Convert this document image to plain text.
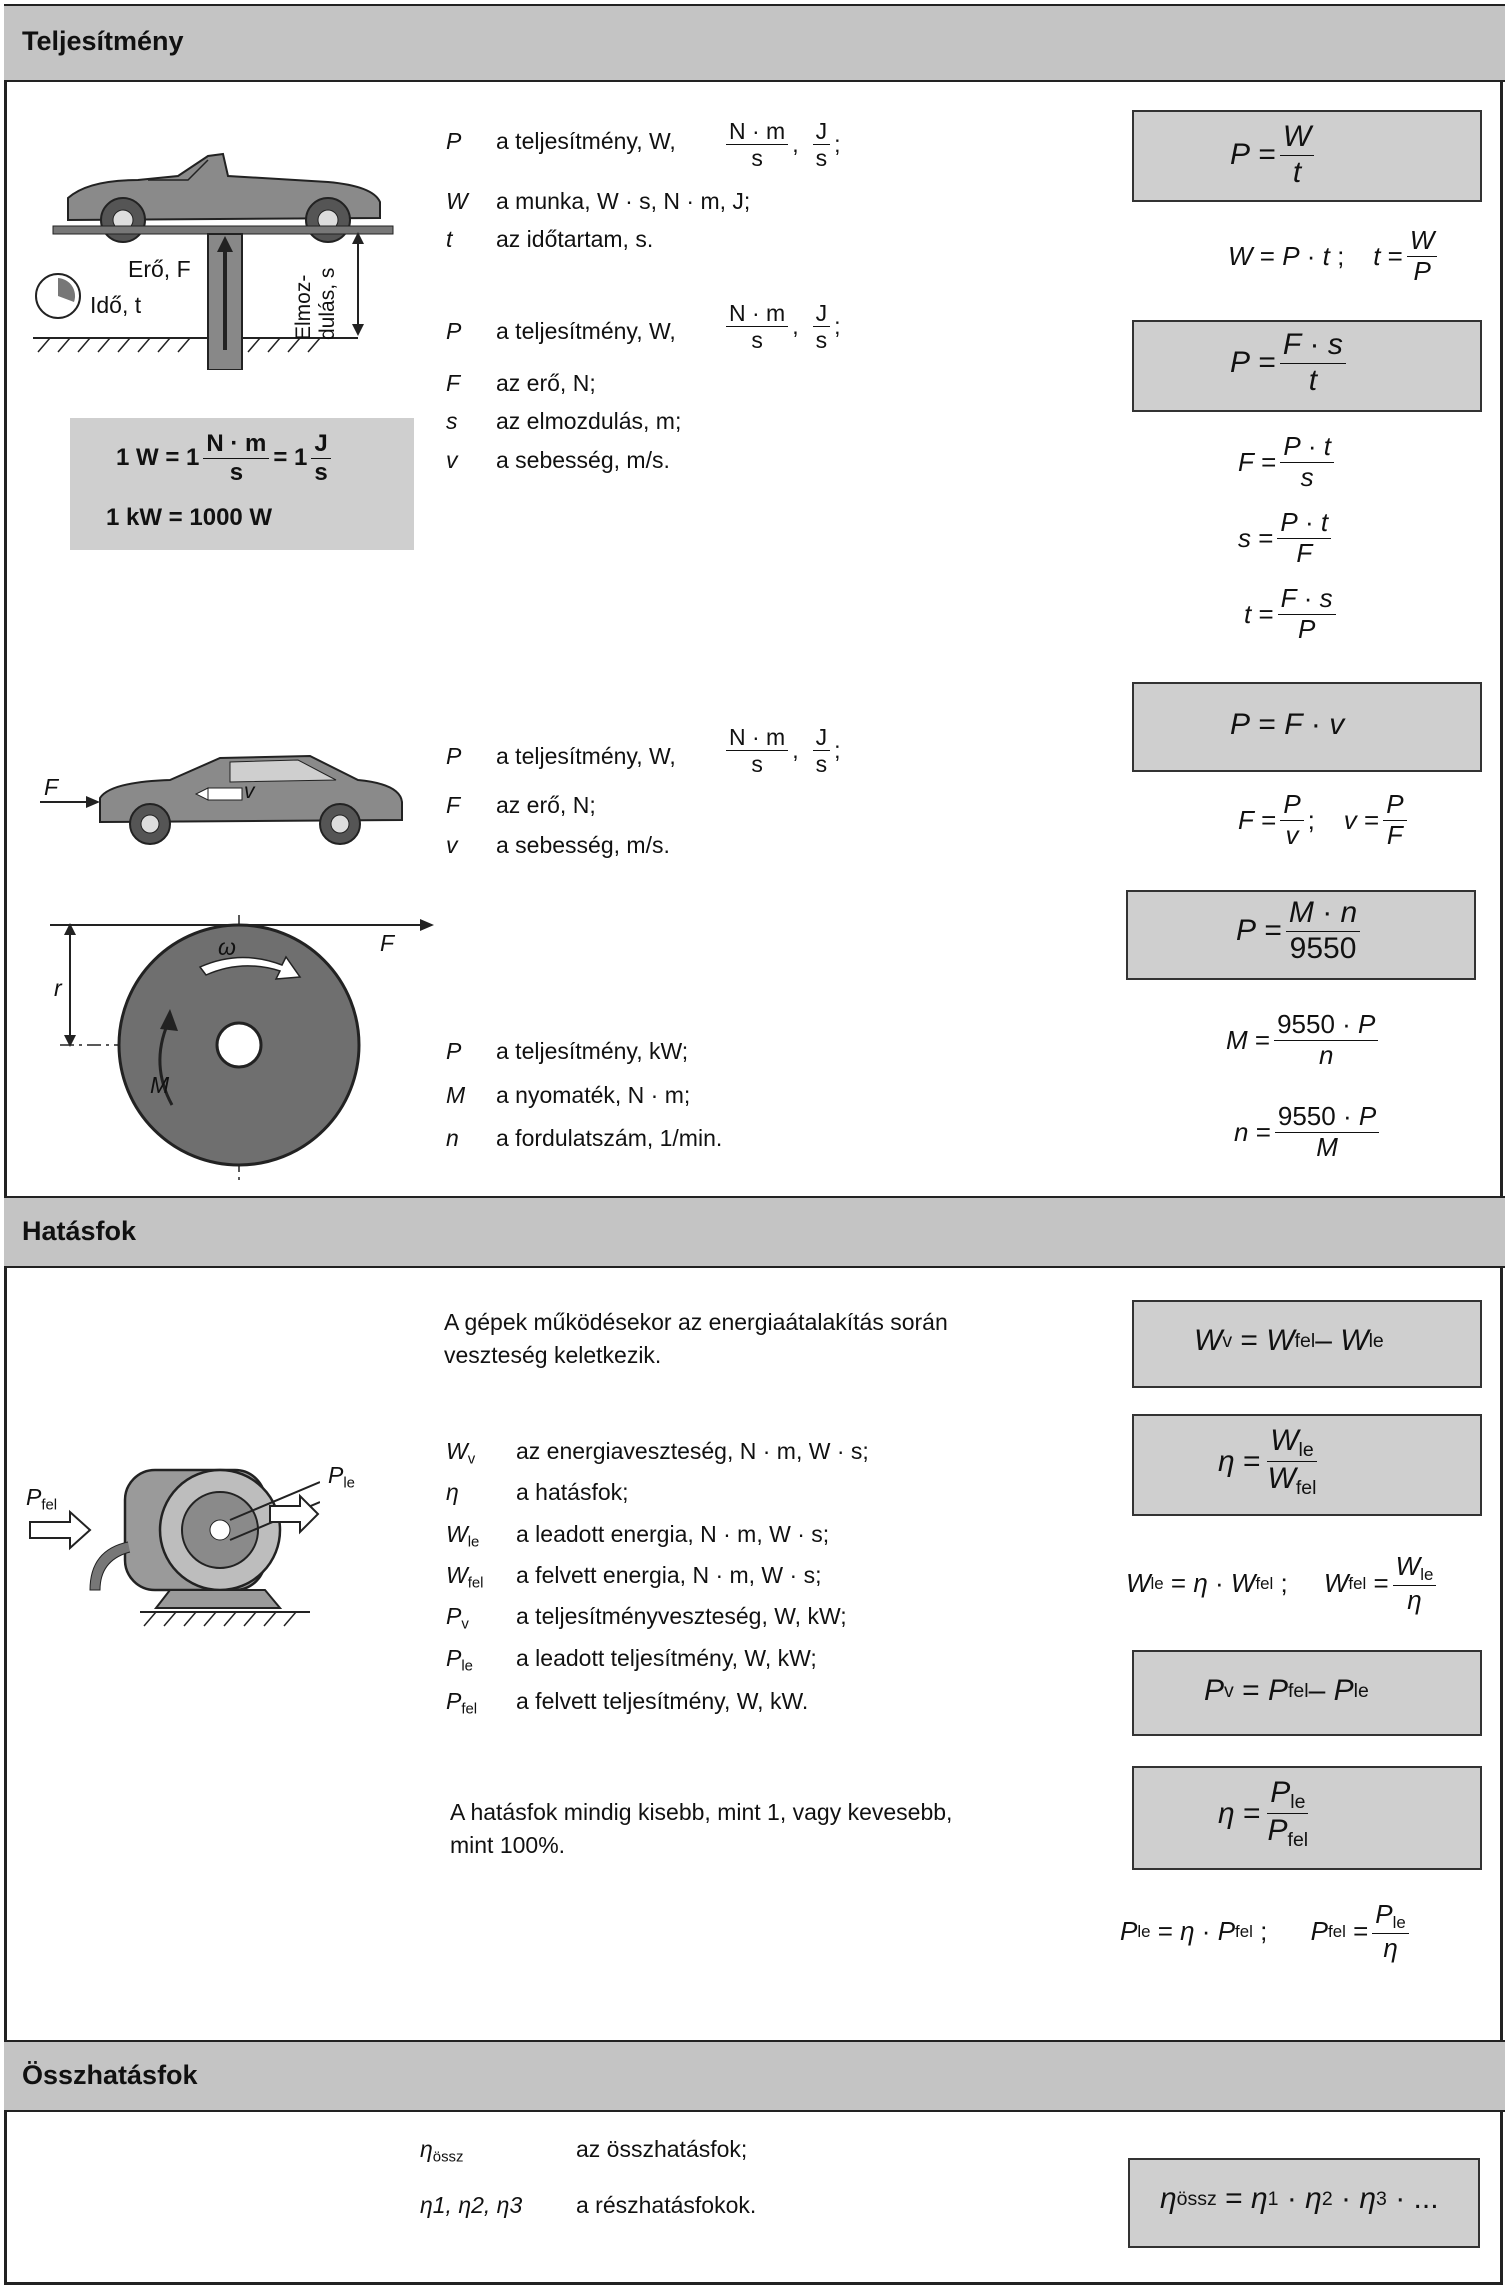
Teljesítmény
Hatásfok
Összhatásfok
Erő, F
Idő, t	Elmoz- dulás, s
1 $W = 1 \frac{N \cdot m}{s} = 1 \frac{J}{s}$
1 kW = 1000 W
P a teljesítmény, W, $\frac{N \cdot m}{s}$ , $\frac{J}{s}$ ;
W a munka, W · s, N · m, J;
t az időtartam, s.
P a teljesítmény, W, $\frac{N \cdot m}{s}$ , $\frac{J}{s}$ ;
F az erő, N;
s az elmozdulás, m;
v a sebesség, m/s.
F	v
P a teljesítmény, W, $\frac{N \cdot m}{s}$ , $\frac{J}{s}$ ;
F az erő, N;
v a sebesség, m/s.
r
ω
M
F
P a teljesítmény, kW;
M a nyomaték, N · m;
n a fordulatszám, 1/min.
$P = \frac{W}{t}$
W = P · t ; $t = \frac{W}{P}$
$P = \frac{F \cdot s}{t}$
$F = \frac{P \cdot t}{s}$
$s = \frac{P \cdot t}{F}$
$t = \frac{F \cdot s}{P}$
P = F · v
$F = \frac{P}{v}$ ; $v = \frac{P}{F}$
$P = \frac{M \cdot n}{9550}$
$M = \frac{9550 \cdot P}{n}$
$n = \frac{9550 \cdot P}{M}$
A gépek működésekor az energiaátalakítás során veszteség keletkezik.
$P_{fel}$
$P_{le}$
$W_v$ az energiaveszteség, N · m, W · s;
η a hatásfok;
$W_{le}$ a leadott energia, N · m, W · s;
$W_{fel}$ a felvett energia, N · m, W · s;
$P_v$ a teljesítményveszteség, W, kW;
$P_{le}$ a leadott teljesítmény, W, kW;
$P_{fel}$ a felvett teljesítmény, W, kW.
A hatásfok mindig kisebb, mint 1, vagy kevesebb, mint 100%.
W v = W fel – W le
$\eta = \frac{W_{le}}{W_{fel}}$
W le = η · W fel ; W fel = $\frac{W_{le}}{\eta}$
P v = P fel – P le
$\eta = \frac{P_{le}}{P_{fel}}$
P le = η · P fel ; P fel = $\frac{P_{le}}{\eta}$
$\eta_{össz}$	az összhatásfok;
η1, η2, η3 a részhatásfokok.	η össz = η 1 · η 2 · η 3 · ...
